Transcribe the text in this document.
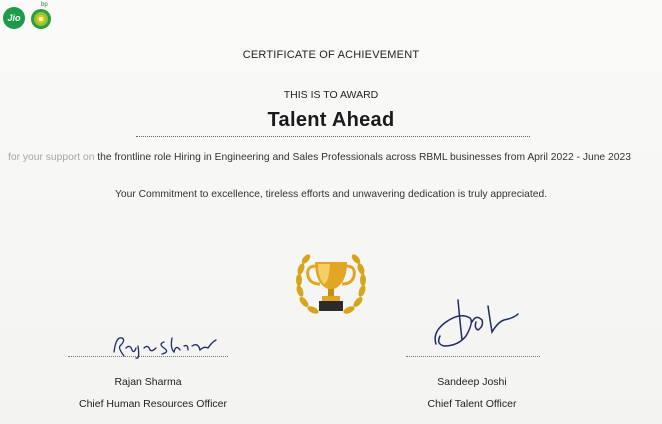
Jio
bp
CERTIFICATE OF ACHIEVEMENT
THIS IS TO AWARD
Talent Ahead
for your support on the frontline role Hiring in Engineering and Sales Professionals across RBML businesses from April 2022 - June 2023
Your Commitment to excellence, tireless efforts and unwavering dedication is truly appreciated.
Rajan Sharma
Chief Human Resources Officer
Sandeep Joshi
Chief Talent Officer
